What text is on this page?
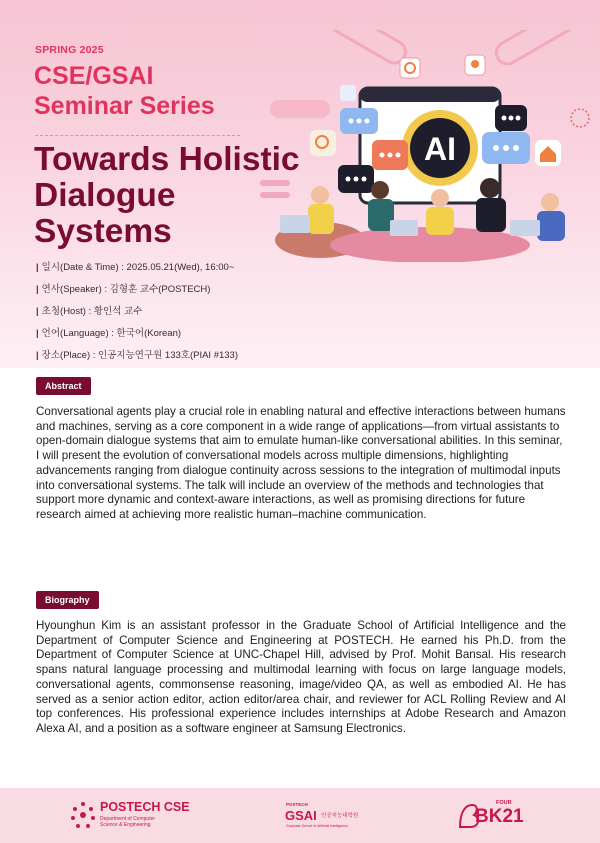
SPRING 2025
CSE/GSAI
Seminar Series
Towards Holistic
Dialogue
Systems
AI
| 일시(Date & Time) : 2025.05.21(Wed), 16:00~
| 연사(Speaker) : 김형훈 교수(POSTECH)
| 초청(Host) : 황인석 교수
| 언어(Language) : 한국어(Korean)
| 장소(Place) : 인공지능연구원 133호(PIAI #133)
Abstract
Conversational agents play a crucial role in enabling natural and effective interactions between humans and machines, serving as a core component in a wide range of applications—from virtual assistants to open-domain dialogue systems that aim to emulate human-like conversational abilities. In this seminar, I will present the evolution of conversational models across multiple dimensions, highlighting advancements ranging from dialogue continuity across sessions to the integration of multimodal inputs into conversational systems. The talk will include an overview of the methods and technologies that support more dynamic and context-aware interactions, as well as promising directions for future research aimed at achieving more realistic human–machine communication.
Biography
Hyounghun Kim is an assistant professor in the Graduate School of Artificial Intelligence and the Department of Computer Science and Engineering at POSTECH. He earned his Ph.D. from the Department of Computer Science at UNC-Chapel Hill, advised by Prof. Mohit Bansal. His research spans natural language processing and multimodal learning with focus on large language models, conversational agents, commonsense reasoning, image/video QA, as well as embodied AI. He has served as a senior action editor, action editor/area chair, and reviewer for ACL Rolling Review and AI top conferences. His professional experience includes internships at Adobe Research and Amazon Alexa AI, and a position as a software engineer at Samsung Electronics.
POSTECH CSE
Department of Computer
Science & Engineering
POSTECH
GSAI 인공지능대학원
Graduate School of Artificial Intelligence
FOUR
BK21
